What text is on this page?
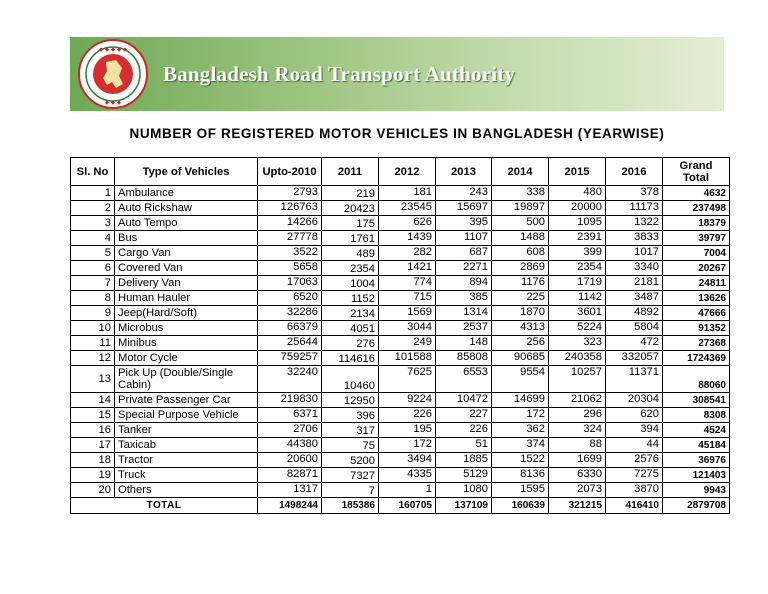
◆ ◆ ◆ ◆ ◆
◆ ◆ ◆
Bangladesh Road Transport Authority
NUMBER OF REGISTERED MOTOR VEHICLES IN BANGLADESH (YEARWISE)
Sl. No	Type of Vehicles	Upto-2010	2011	2012	2013	2014	2015	2016	Grand Total
1	Ambulance	2793	219	181	243	338	480	378	4632
2	Auto Rickshaw	126763	20423	23545	15697	19897	20000	11173	237498
3	Auto Tempo	14266	175	626	395	500	1095	1322	18379
4	Bus	27778	1761	1439	1107	1488	2391	3833	39797
5	Cargo Van	3522	489	282	687	608	399	1017	7004
6	Covered Van	5658	2354	1421	2271	2869	2354	3340	20267
7	Delivery Van	17063	1004	774	894	1176	1719	2181	24811
8	Human Hauler	6520	1152	715	385	225	1142	3487	13626
9	Jeep(Hard/Soft)	32286	2134	1569	1314	1870	3601	4892	47666
10	Microbus	66379	4051	3044	2537	4313	5224	5804	91352
11	Minibus	25644	276	249	148	256	323	472	27368
12	Motor Cycle	759257	114616	101588	85808	90685	240358	332057	1724369
13	Pick Up (Double/Single Cabin)	32240	10460	7625	6553	9554	10257	11371	88060
14	Private Passenger Car	219830	12950	9224	10472	14699	21062	20304	308541
15	Special Purpose Vehicle	6371	396	226	227	172	296	620	8308
16	Tanker	2706	317	195	226	362	324	394	4524
17	Taxicab	44380	75	172	51	374	88	44	45184
18	Tractor	20600	5200	3494	1885	1522	1699	2576	36976
19	Truck	82871	7327	4335	5129	8136	6330	7275	121403
20	Others	1317	7	1	1080	1595	2073	3870	9943
TOTAL		1498244	185386	160705	137109	160639	321215	416410	2879708
